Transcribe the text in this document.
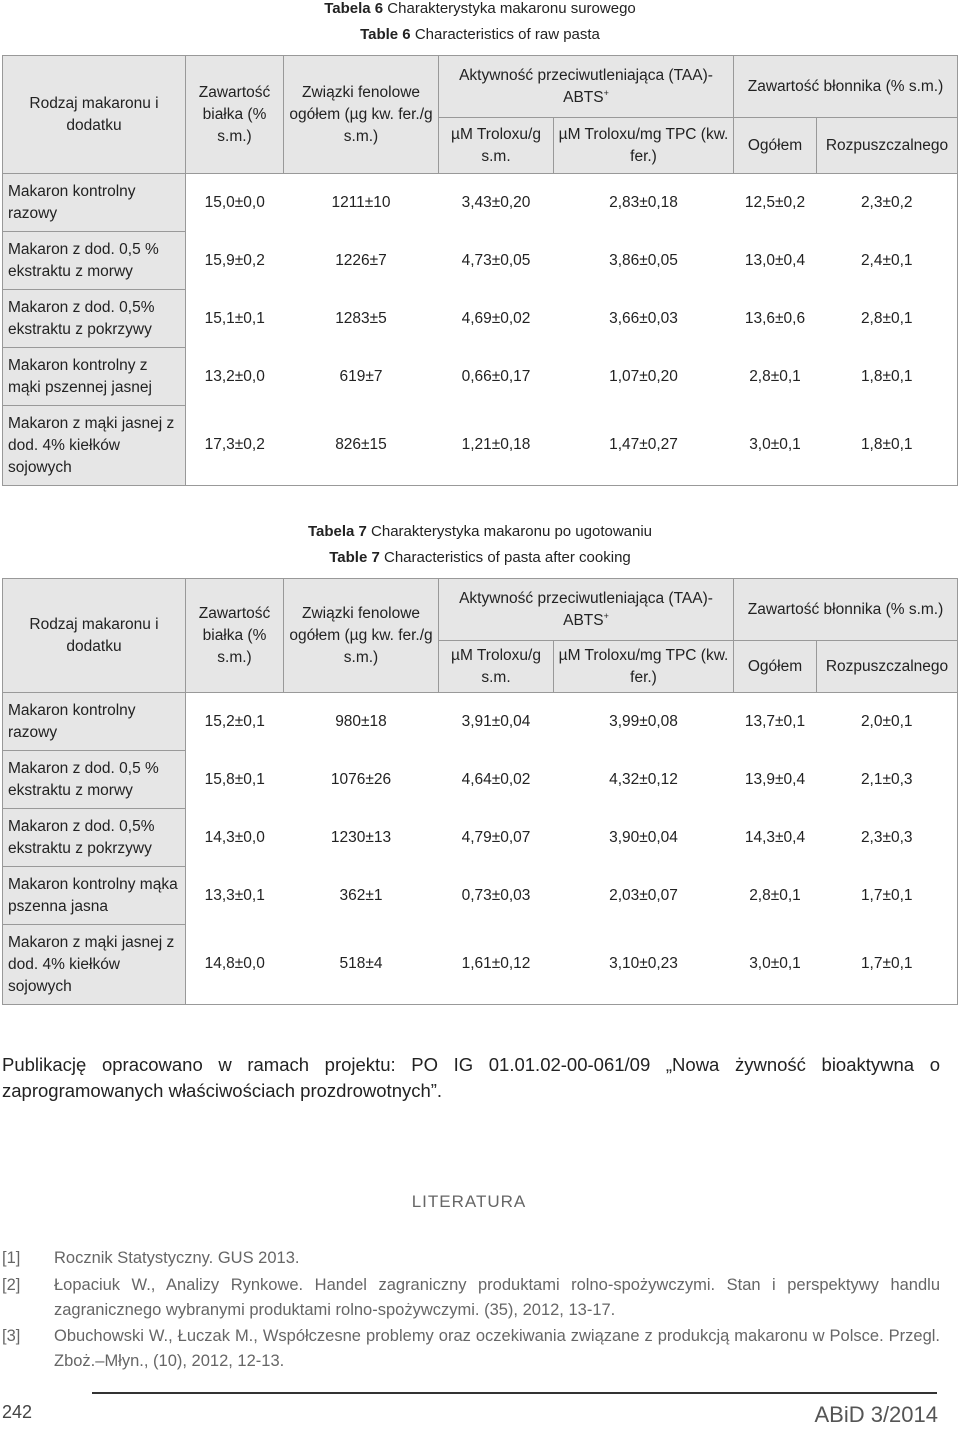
Tabela 6 Charakterystyka makaronu surowego
Table 6 Characteristics of raw pasta
Rodzaj makaronu i dodatku	Zawartość białka (% s.m.)	Związki fenolowe ogółem (µg kw. fer./g s.m.)	Aktywność przeciwutleniająca (TAA)- ABTS+		Zawartość błonnika (% s.m.)	
			µM Troloxu/g s.m.	µM Troloxu/mg TPC (kw. fer.)	Ogółem	Rozpuszczalnego
Makaron kontrolny razowy	15,0±0,0	1211±10	3,43±0,20	2,83±0,18	12,5±0,2	2,3±0,2
Makaron z dod. 0,5 % ekstraktu z morwy	15,9±0,2	1226±7	4,73±0,05	3,86±0,05	13,0±0,4	2,4±0,1
Makaron z dod. 0,5% ekstraktu z pokrzywy	15,1±0,1	1283±5	4,69±0,02	3,66±0,03	13,6±0,6	2,8±0,1
Makaron kontrolny z mąki pszennej jasnej	13,2±0,0	619±7	0,66±0,17	1,07±0,20	2,8±0,1	1,8±0,1
Makaron z mąki jasnej z dod. 4% kiełków sojowych	17,3±0,2	826±15	1,21±0,18	1,47±0,27	3,0±0,1	1,8±0,1
Tabela 7 Charakterystyka makaronu po ugotowaniu
Table 7 Characteristics of pasta after cooking
Rodzaj makaronu i dodatku	Zawartość białka (% s.m.)	Związki fenolowe ogółem (µg kw. fer./g s.m.)	Aktywność przeciwutleniająca (TAA)- ABTS+		Zawartość błonnika (% s.m.)	
			µM Troloxu/g s.m.	µM Troloxu/mg TPC (kw. fer.)	Ogółem	Rozpuszczalnego
Makaron kontrolny razowy	15,2±0,1	980±18	3,91±0,04	3,99±0,08	13,7±0,1	2,0±0,1
Makaron z dod. 0,5 % ekstraktu z morwy	15,8±0,1	1076±26	4,64±0,02	4,32±0,12	13,9±0,4	2,1±0,3
Makaron z dod. 0,5% ekstraktu z pokrzywy	14,3±0,0	1230±13	4,79±0,07	3,90±0,04	14,3±0,4	2,3±0,3
Makaron kontrolny mąka pszenna jasna	13,3±0,1	362±1	0,73±0,03	2,03±0,07	2,8±0,1	1,7±0,1
Makaron z mąki jasnej z dod. 4% kiełków sojowych	14,8±0,0	518±4	1,61±0,12	3,10±0,23	3,0±0,1	1,7±0,1
Publikację opracowano w ramach projektu: PO IG 01.01.02-00-061/09 „Nowa żywność bioaktywna o zaprogramowanych właściwościach prozdrowotnych”.
LITERATURA
[1] Rocznik Statystyczny. GUS 2013.
[2] Łopaciuk W., Analizy Rynkowe. Handel zagraniczny produktami rolno-spożywczymi. Stan i perspektywy handlu zagranicznego wybranymi produktami rolno-spożywczymi. (35), 2012, 13-17.
[3] Obuchowski W., Łuczak M., Współczesne problemy oraz oczekiwania związane z produkcją makaronu w Polsce. Przegl. Zboż.–Młyn., (10), 2012, 12-13.
242	ABiD 3/2014
